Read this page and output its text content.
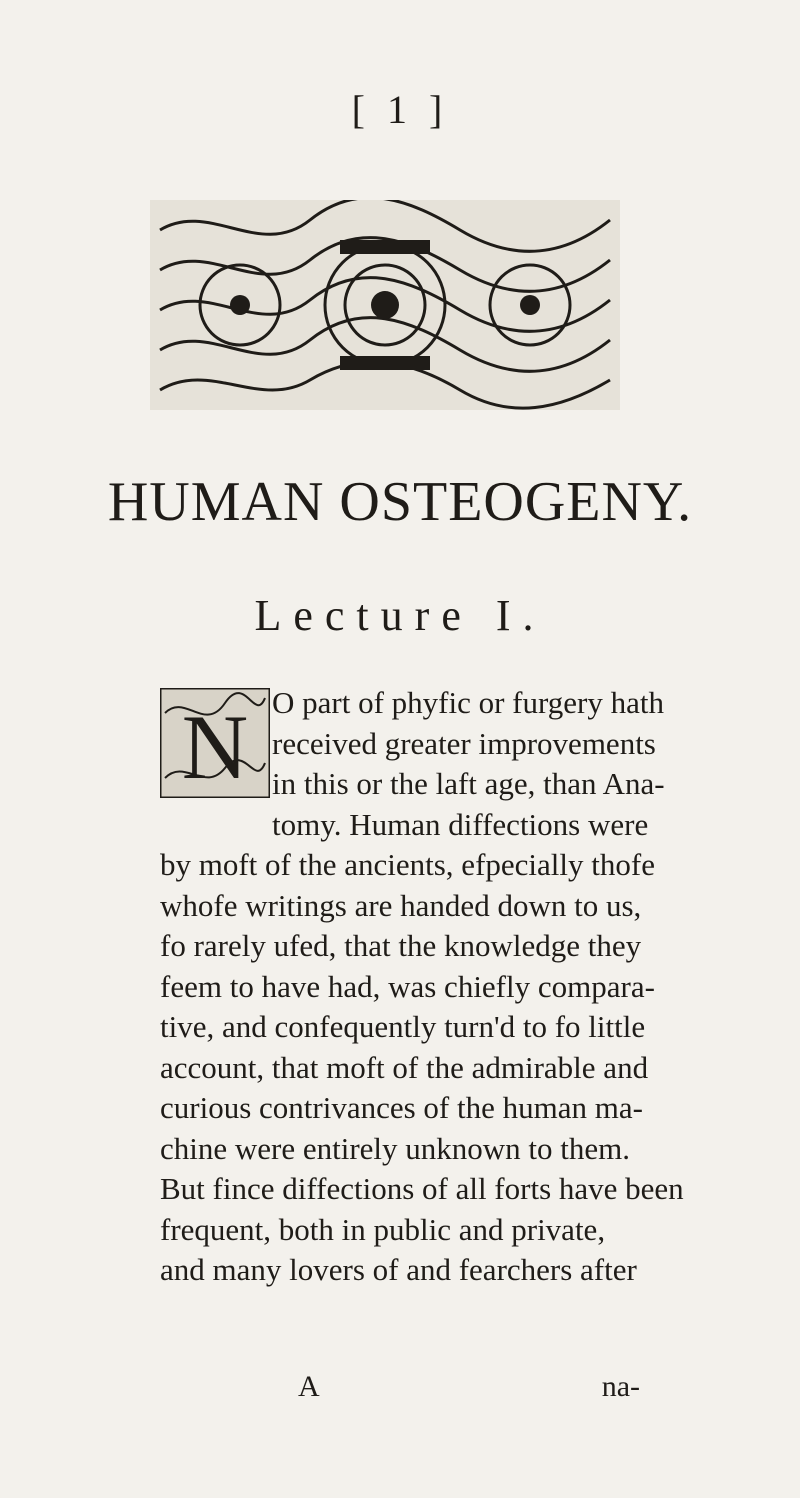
[ 1 ]
HUMAN OSTEOGENY.
Lecture I.
N O part of phyfic or furgery hath
received greater improvements
in this or the laft age, than Ana-
tomy. Human diffections were
by moft of the ancients, efpecially thofe
whofe writings are handed down to us,
fo rarely ufed, that the knowledge they
feem to have had, was chiefly compara-
tive, and confequently turn'd to fo little
account, that moft of the admirable and
curious contrivances of the human ma-
chine were entirely unknown to them.
But fince diffections of all forts have been
frequent, both in public and private,
and many lovers of and fearchers after
A	na-
